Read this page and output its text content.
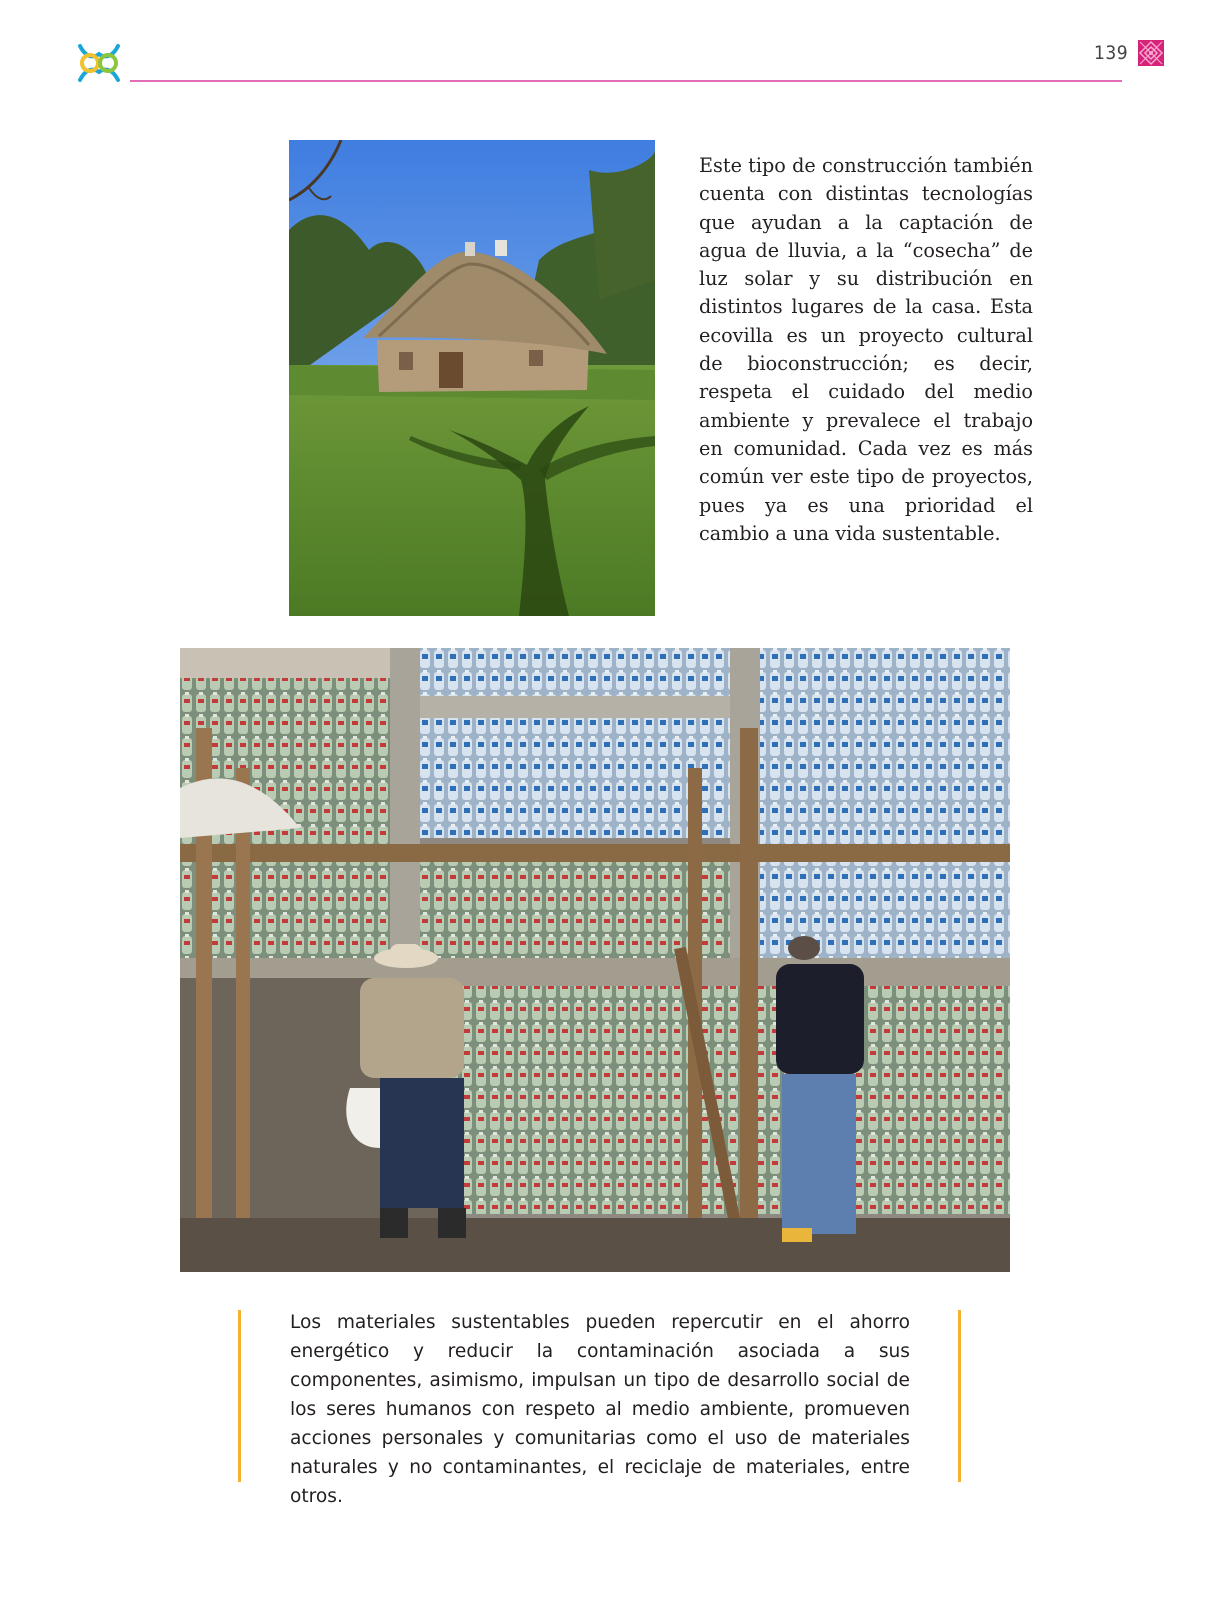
139
Este tipo de construcción también cuenta con distintas tecnologías que ayudan a la captación de agua de lluvia, a la “cosecha” de luz solar y su distribución en distintos lugares de la casa. Esta ecovilla es un proyecto cultural de bioconstrucción; es decir, respeta el cuidado del medio ambiente y prevalece el trabajo en comunidad. Cada vez es más común ver este tipo de proyectos, pues ya es una prioridad el cambio a una vida sustentable.
Los materiales sustentables pueden repercutir en el ahorro energético y reducir la contaminación asociada a sus componentes, asimismo, impulsan un tipo de desarrollo social de los seres humanos con respeto al medio ambiente, promueven acciones personales y comunitarias como el uso de materiales naturales y no contaminantes, el reciclaje de materiales, entre otros.
